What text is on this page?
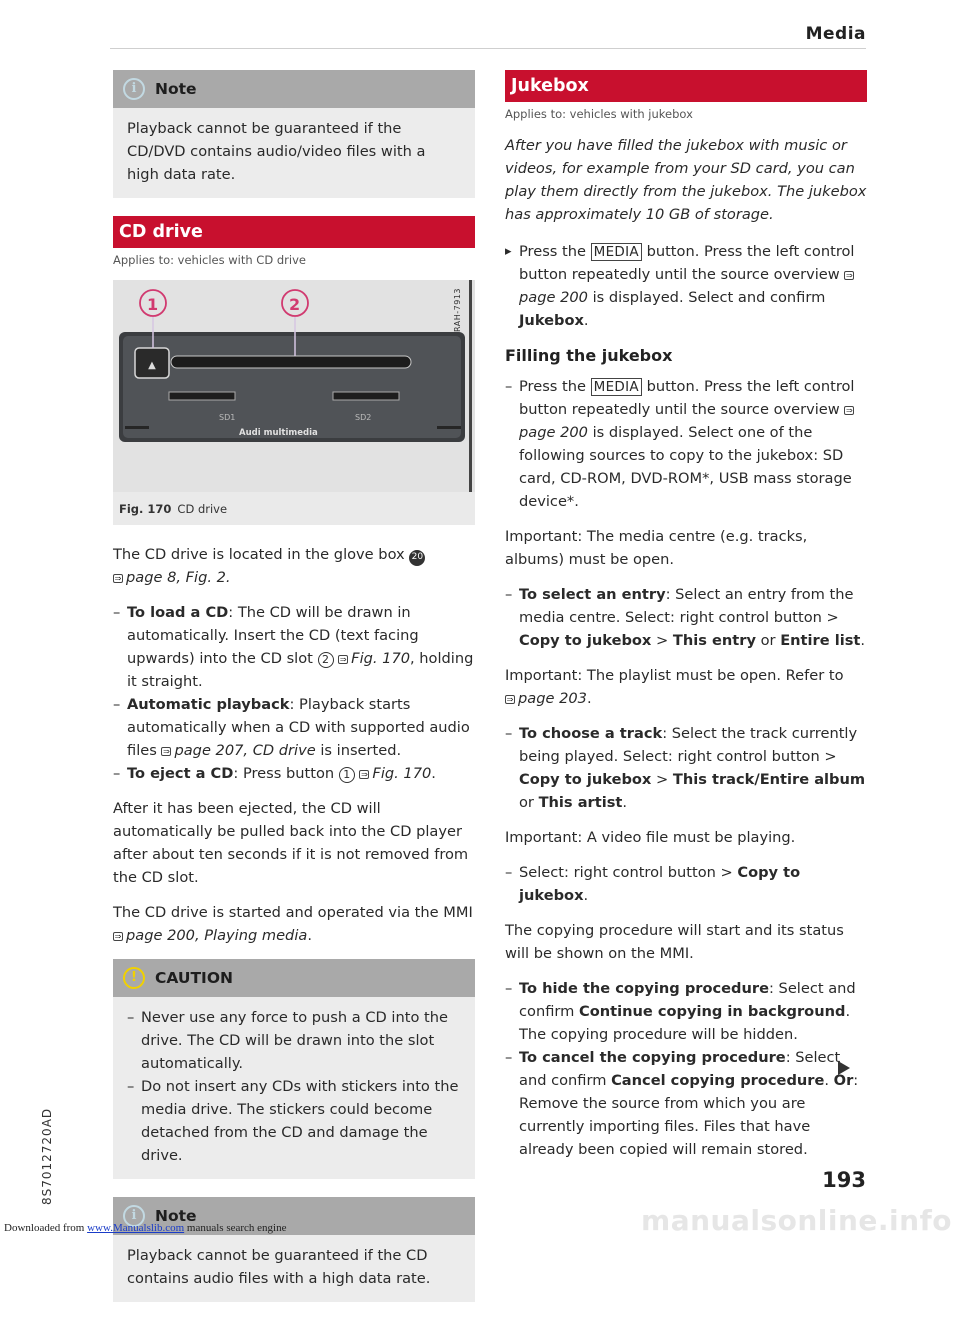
Media
i	Note

Playback cannot be guaranteed if the CD/DVD contains audio/video files with a high data rate.

CD drive
Applies to: vehicles with CD drive
▲
1	2	RAH-7913
SD1	SD2
Audi multimedia
Fig. 170 CD drive

The CD drive is located in the glove box 20
⇒ page 8, Fig. 2.

– To load a CD: The CD will be drawn in automatically. Insert the CD (text facing upwards) into the CD slot 2 ⇒ Fig. 170, holding it straight.
– Automatic playback: Playback starts automatically when a CD with supported audio files ⇒ page 207, CD drive is inserted.
– To eject a CD: Press button 1 ⇒ Fig. 170.

After it has been ejected, the CD will automatically be pulled back into the CD player after about ten seconds if it is not removed from the CD slot.

The CD drive is started and operated via the MMI
⇒ page 200, Playing media.

!	CAUTION
– Never use any force to push a CD into the drive. The CD will be drawn into the slot automatically.
– Do not insert any CDs with stickers into the media drive. The stickers could become detached from the CD and damage the drive.
i	Note

Playback cannot be guaranteed if the CD contains audio files with a high data rate.

Jukebox
Applies to: vehicles with jukebox

After you have filled the jukebox with music or videos, for example from your SD card, you can play them directly from the jukebox. The jukebox has approximately 10 GB of storage.

▸ Press the MEDIA button. Press the left control button repeatedly until the source overview ⇒page 200 is displayed. Select and confirm Jukebox.
Filling the jukebox
– Press the MEDIA button. Press the left control button repeatedly until the source overview ⇒page 200 is displayed. Select one of the following sources to copy to the jukebox: SD card, CD-ROM, DVD-ROM*, USB mass storage device*.

Important: The media centre (e.g. tracks, albums) must be open.

– To select an entry: Select an entry from the media centre. Select: right control button > Copy to jukebox > This entry or Entire list.

Important: The playlist must be open. Refer to
⇒ page 203.

– To choose a track: Select the track currently being played. Select: right control button > Copy to jukebox > This track/Entire album or This artist.

Important: A video file must be playing.

– Select: right control button > Copy to jukebox.

The copying procedure will start and its status will be shown on the MMI.

– To hide the copying procedure: Select and confirm Continue copying in background. The copying procedure will be hidden.
– To cancel the copying procedure: Select and confirm Cancel copying procedure. Or: Remove the source from which you are currently importing files. Files that have already been copied will remain stored.
8S7012720AD	193
manualsonline.info
Downloaded from www.Manualslib.com manuals search engine
